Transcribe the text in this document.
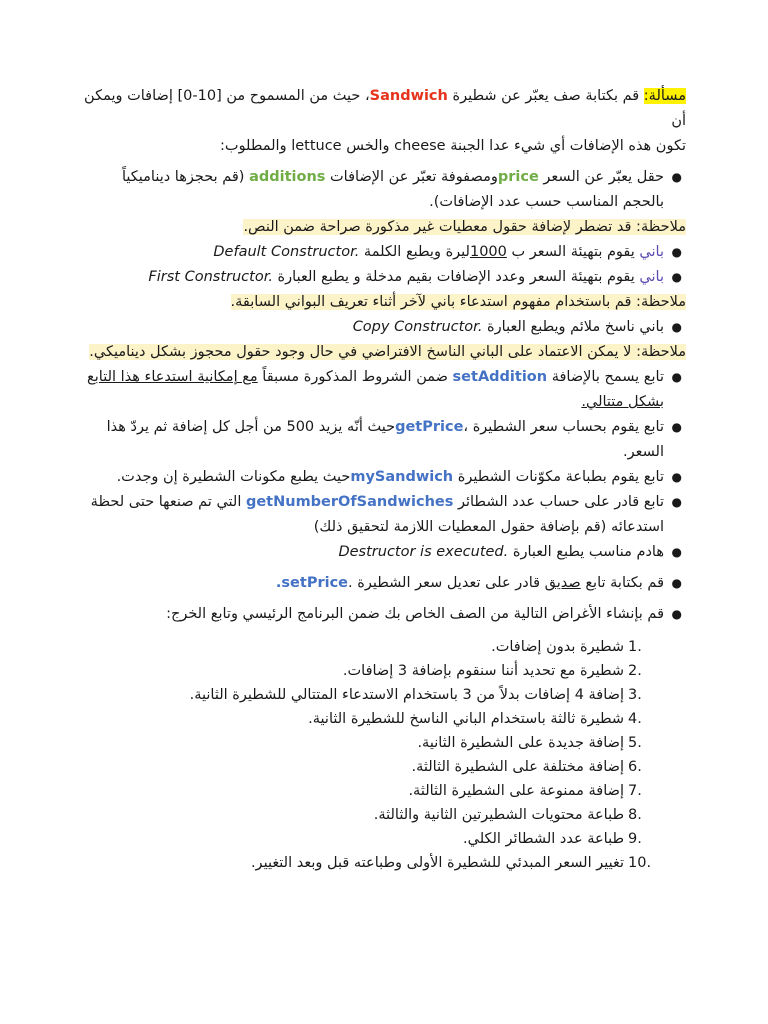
مسألة: قم بكتابة صف يعبّر عن شطيرة Sandwich، حيث من المسموح من [10-0] إضافات ويمكن أن
تكون هذه الإضافات أي شيء عدا الجبنة cheese والخس lettuce والمطلوب:

●
حقل يعبّر عن السعر priceومصفوفة تعبّر عن الإضافات additions (قم بحجزها ديناميكياً
بالحجم المناسب حسب عدد الإضافات).

ملاحظة: قد تضطر لإضافة حقول معطيات غير مذكورة صراحة ضمن النص.

●
باني يقوم بتهيئة السعر ب 1000ليرة ويطبع الكلمة Default Constructor.
●
باني يقوم بتهيئة السعر وعدد الإضافات بقيم مدخلة و يطبع العبارة First Constructor.

ملاحظة: قم باستخدام مفهوم استدعاء باني لآخر أثناء تعريف البواني السابقة.

●
باني ناسخ ملائم ويطبع العبارة Copy Constructor.

ملاحظة: لا يمكن الاعتماد على الباني الناسخ الافتراضي في حال وجود حقول محجوز بشكل ديناميكي.

●
تابع يسمح بالإضافة setAddition ضمن الشروط المذكورة مسبقاً مع إمكانية استدعاء هذا التابع
بشكل متتالي.
●
تابع يقوم بحساب سعر الشطيرة ،getPriceحيث أنّه يزيد 500 من أجل كل إضافة ثم يردّ هذا
السعر.
●
تابع يقوم بطباعة مكوّنات الشطيرة mySandwichحيث يطبع مكونات الشطيرة إن وجدت.
●
تابع قادر على حساب عدد الشطائر getNumberOfSandwiches التي تم صنعها حتى لحظة
استدعائه (قم بإضافة حقول المعطيات اللازمة لتحقيق ذلك)
●
هادم مناسب يطبع العبارة Destructor is executed.
●
قم بكتابة تابع صديق قادر على تعديل سعر الشطيرة .setPrice.
●
قم بإنشاء الأغراض التالية من الصف الخاص بك ضمن البرنامج الرئيسي وتابع الخرج:
1.
شطيرة بدون إضافات.
2.
شطيرة مع تحديد أننا سنقوم بإضافة 3 إضافات.
3.
إضافة 4 إضافات بدلاً من 3 باستخدام الاستدعاء المتتالي للشطيرة الثانية.
4.
شطيرة ثالثة باستخدام الباني الناسخ للشطيرة الثانية.
5.
إضافة جديدة على الشطيرة الثانية.
6.
إضافة مختلفة على الشطيرة الثالثة.
7.
إضافة ممنوعة على الشطيرة الثالثة.
8.
طباعة محتويات الشطيرتين الثانية والثالثة.
9.
طباعة عدد الشطائر الكلي.
10.
تغيير السعر المبدئي للشطيرة الأولى وطباعته قبل وبعد التغيير.
